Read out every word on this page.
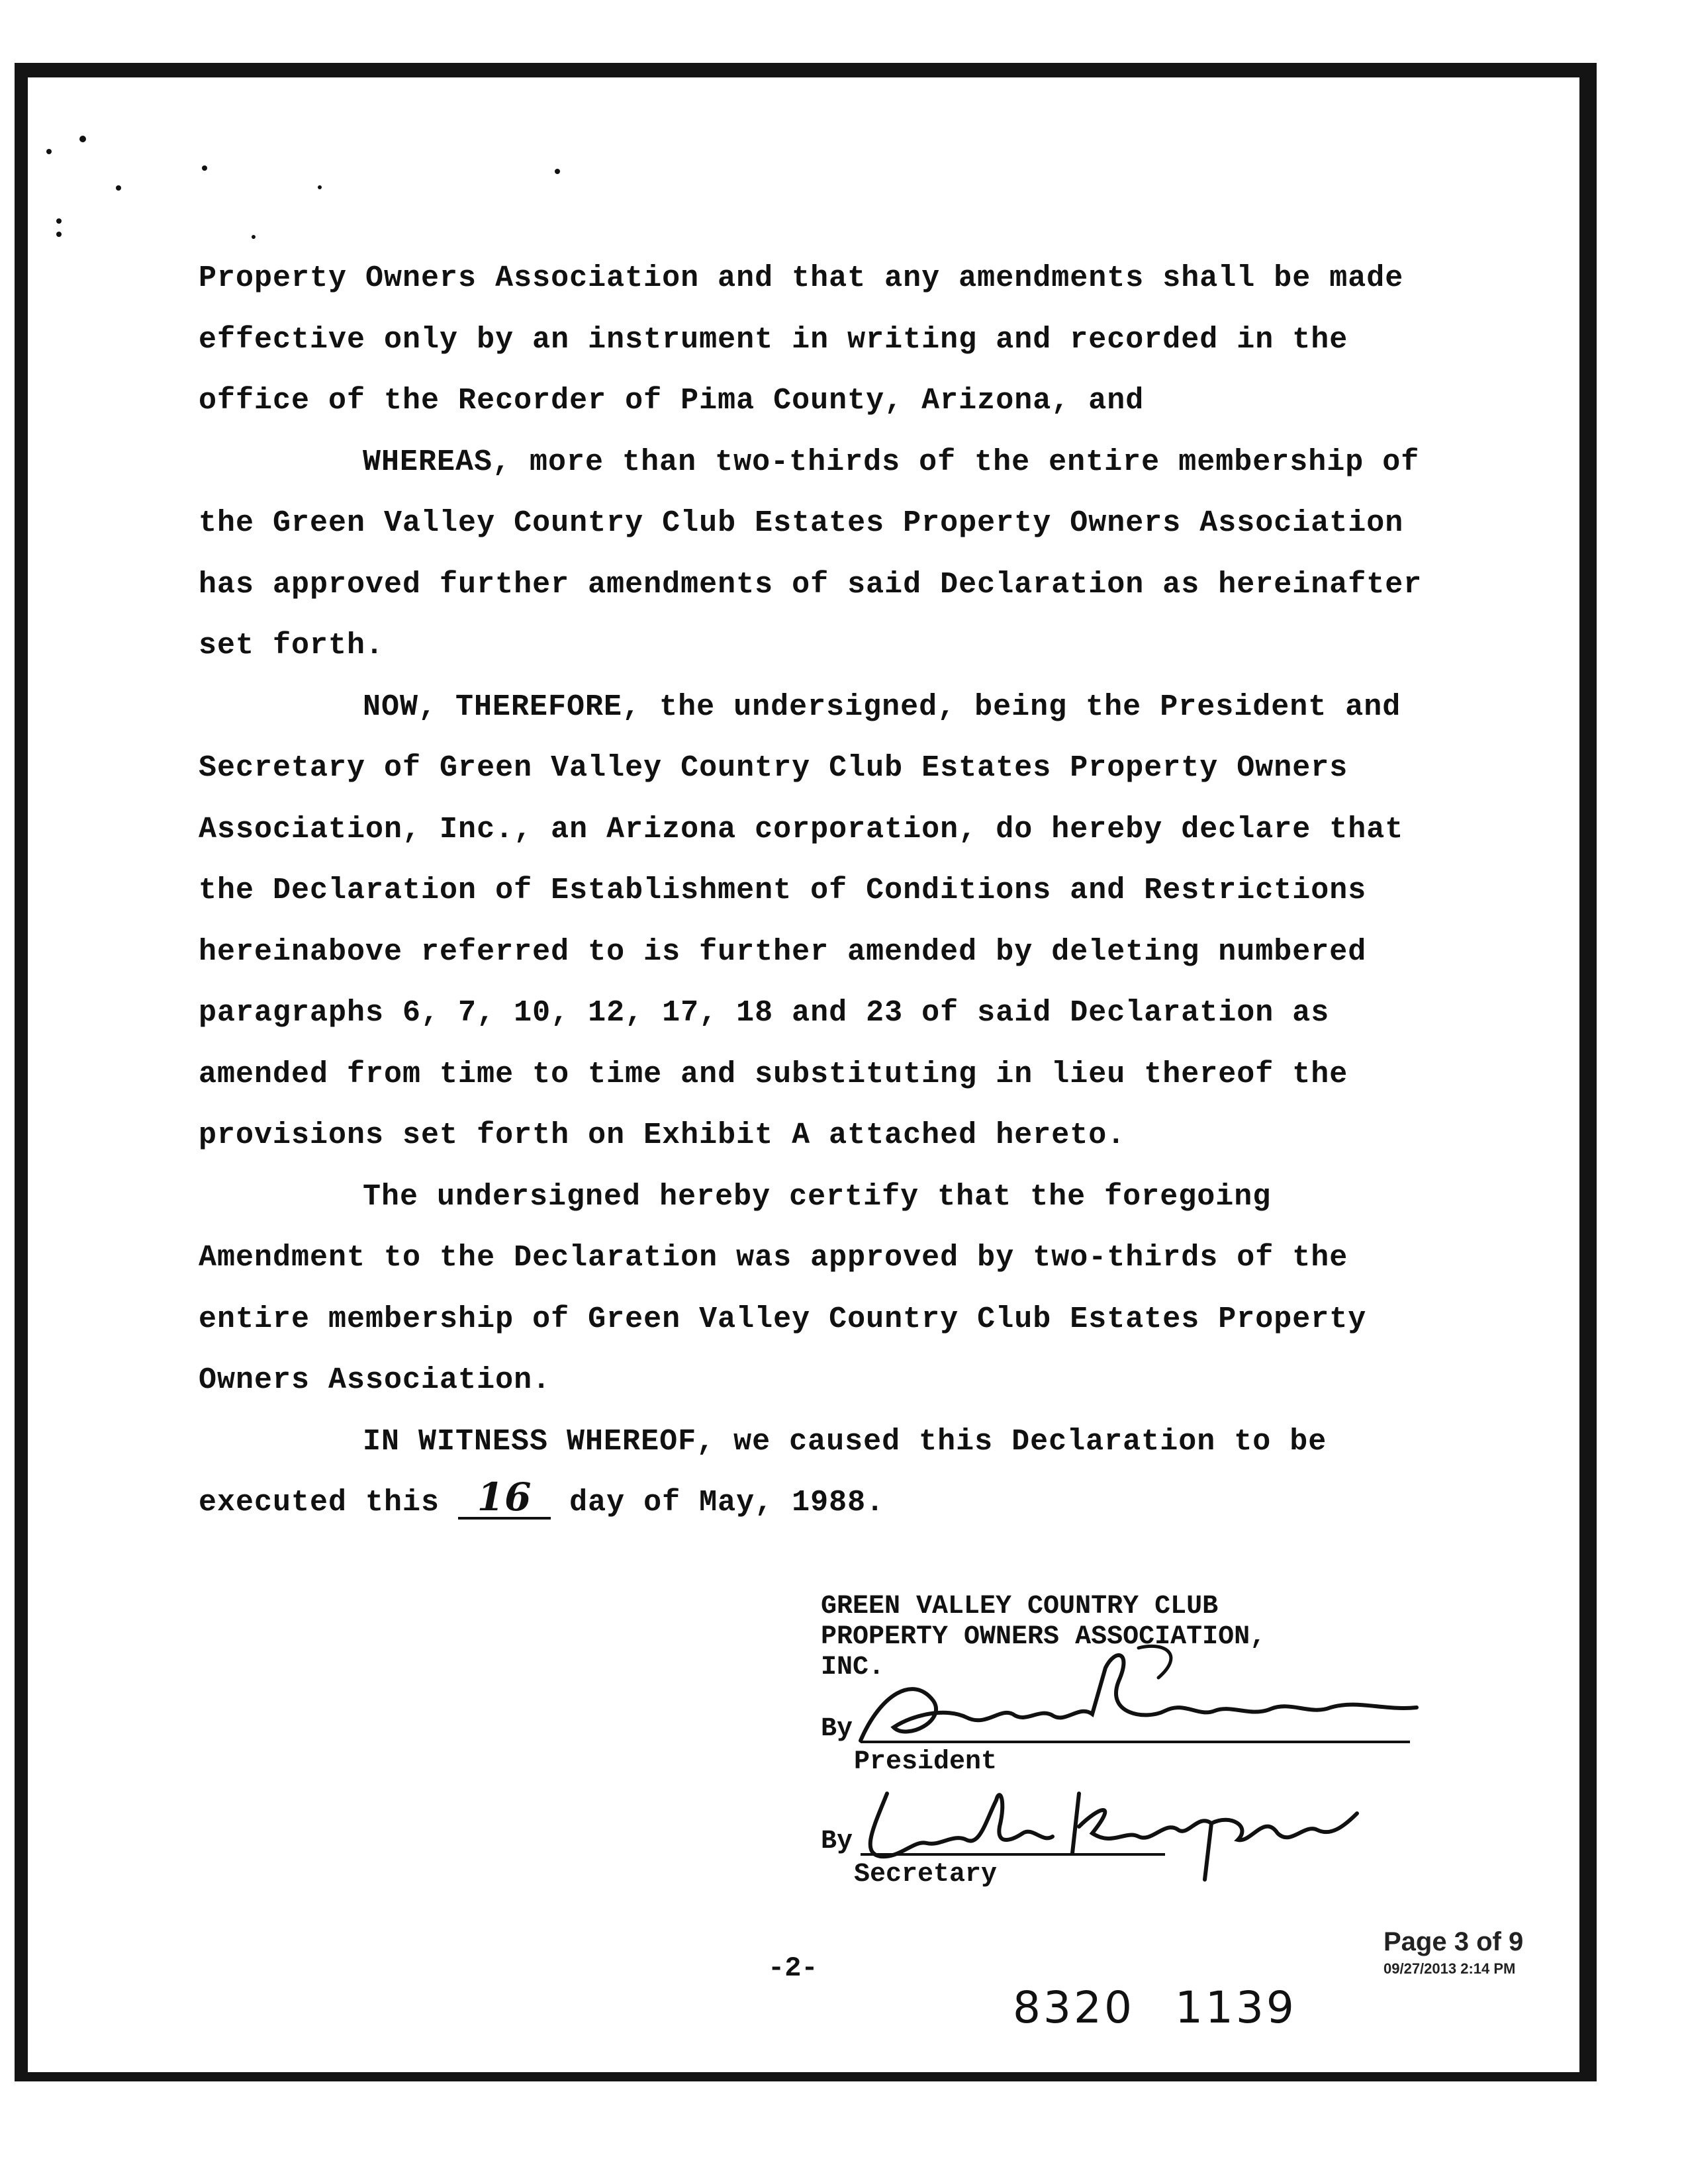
Property Owners Association and that any amendments shall be made effective only by an instrument in writing and recorded in the office of the Recorder of Pima County, Arizona, and

WHEREAS, more than two-thirds of the entire membership of the Green Valley Country Club Estates Property Owners Association has approved further amendments of said Declaration as hereinafter set forth.

NOW, THEREFORE, the undersigned, being the President and Secretary of Green Valley Country Club Estates Property Owners Association, Inc., an Arizona corporation, do hereby declare that the Declaration of Establishment of Conditions and Restrictions hereinabove referred to is further amended by deleting numbered paragraphs 6, 7, 10, 12, 17, 18 and 23 of said Declaration as amended from time to time and substituting in lieu thereof the provisions set forth on Exhibit A attached hereto.

The undersigned hereby certify that the foregoing Amendment to the Declaration was approved by two-thirds of the entire membership of Green Valley Country Club Estates Property Owners Association.

IN WITNESS WHEREOF, we caused this Declaration to be

executed this 16 day of May, 1988.

GREEN VALLEY COUNTRY CLUB
PROPERTY OWNERS ASSOCIATION,
INC.
By
President
By
Secretary
-2-
8320 1139
Page 3 of 9
09/27/2013 2:14 PM
